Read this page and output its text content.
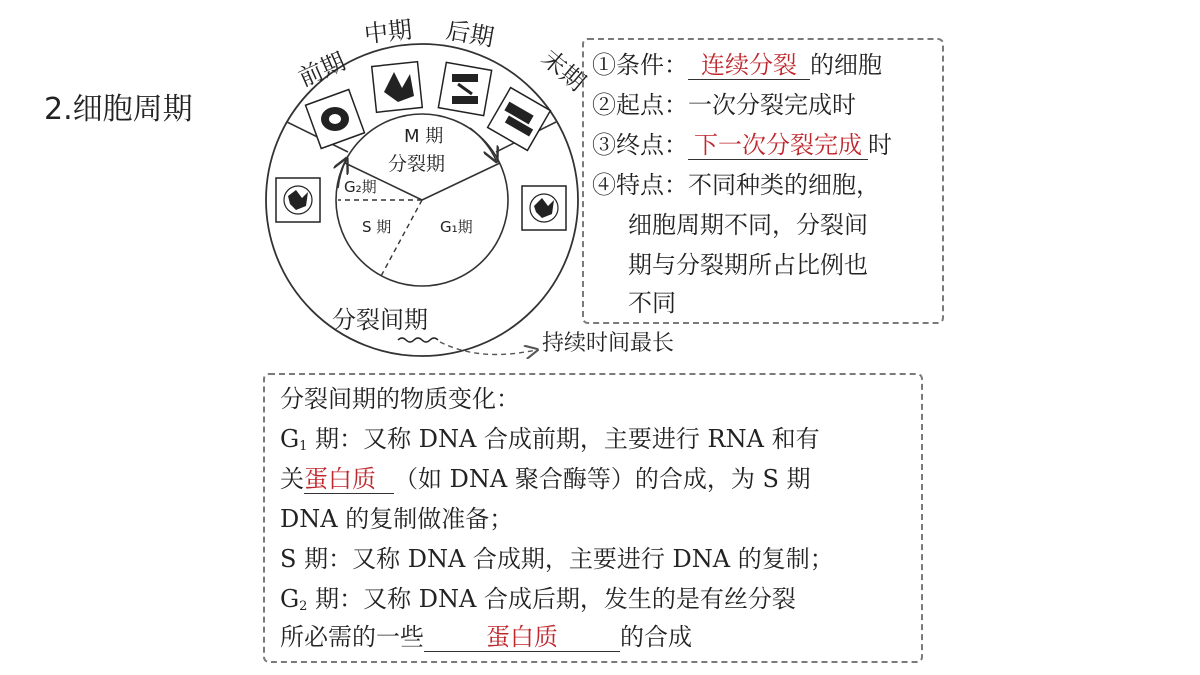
2.细胞周期
前期
中期 后期
末期
M 期
分裂期
G₂期
S 期	G₁期
分裂间期
持续时间最长
①条件： 连续分裂 的细胞
②起点：一次分裂完成时
③终点： 下一次分裂完成 时
④特点：不同种类的细胞，
细胞周期不同，分裂间
期与分裂期所占比例也
不同
分裂间期的物质变化：
$G_1$ 期：又称 DNA 合成前期，主要进行 RNA 和有
关蛋白质 （如 DNA 聚合酶等）的合成，为 S 期
DNA 的复制做准备；
S 期：又称 DNA 合成期，主要进行 DNA 的复制；
$G_2$ 期：又称 DNA 合成后期，发生的是有丝分裂
所必需的一些	蛋白质	的合成
